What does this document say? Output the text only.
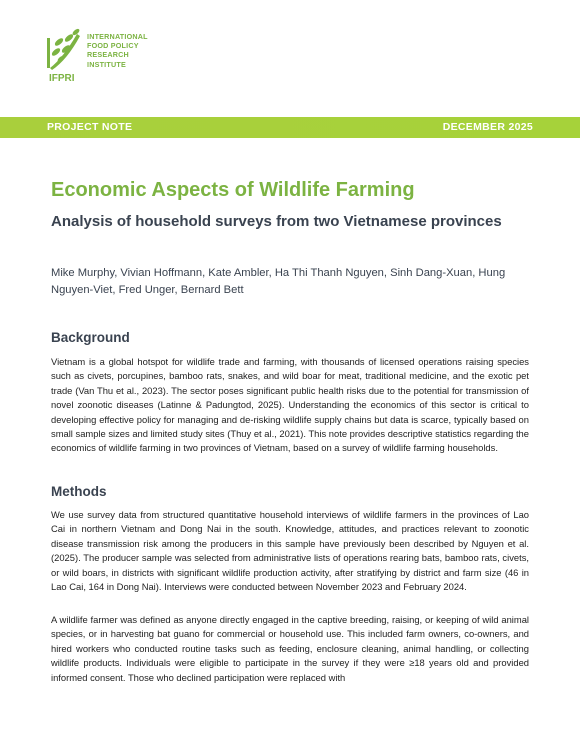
INTERNATIONAL
FOOD POLICY
RESEARCH
INSTITUTE
IFPRI
PROJECT NOTE	DECEMBER 2025
Economic Aspects of Wildlife Farming
Analysis of household surveys from two Vietnamese provinces
Mike Murphy, Vivian Hoffmann, Kate Ambler, Ha Thi Thanh Nguyen, Sinh Dang-Xuan, Hung Nguyen-Viet, Fred Unger, Bernard Bett
Background
Vietnam is a global hotspot for wildlife trade and farming, with thousands of licensed operations raising species such as civets, porcupines, bamboo rats, snakes, and wild boar for meat, traditional medicine, and the exotic pet trade (Van Thu et al., 2023). The sector poses significant public health risks due to the potential for transmission of novel zoonotic diseases (Latinne & Padungtod, 2025). Understanding the economics of this sector is critical to developing effective policy for managing and de-risking wildlife supply chains but data is scarce, typically based on small sample sizes and limited study sites (Thuy et al., 2021). This note provides descriptive statistics regarding the economics of wildlife farming in two provinces of Vietnam, based on a survey of wildlife farming households.
Methods
We use survey data from structured quantitative household interviews of wildlife farmers in the provinces of Lao Cai in northern Vietnam and Dong Nai in the south. Knowledge, attitudes, and practices relevant to zoonotic disease transmission risk among the producers in this sample have previously been described by Nguyen et al. (2025). The producer sample was selected from administrative lists of operations rearing bats, bamboo rats, civets, or wild boars, in districts with significant wildlife production activity, after stratifying by district and farm size (46 in Lao Cai, 164 in Dong Nai). Interviews were conducted between November 2023 and February 2024.
A wildlife farmer was defined as anyone directly engaged in the captive breeding, raising, or keeping of wild animal species, or in harvesting bat guano for commercial or household use. This included farm owners, co-owners, and hired workers who conducted routine tasks such as feeding, enclosure cleaning, animal handling, or collecting wildlife products. Individuals were eligible to participate in the survey if they were ≥18 years old and provided informed consent. Those who declined participation were replaced with
